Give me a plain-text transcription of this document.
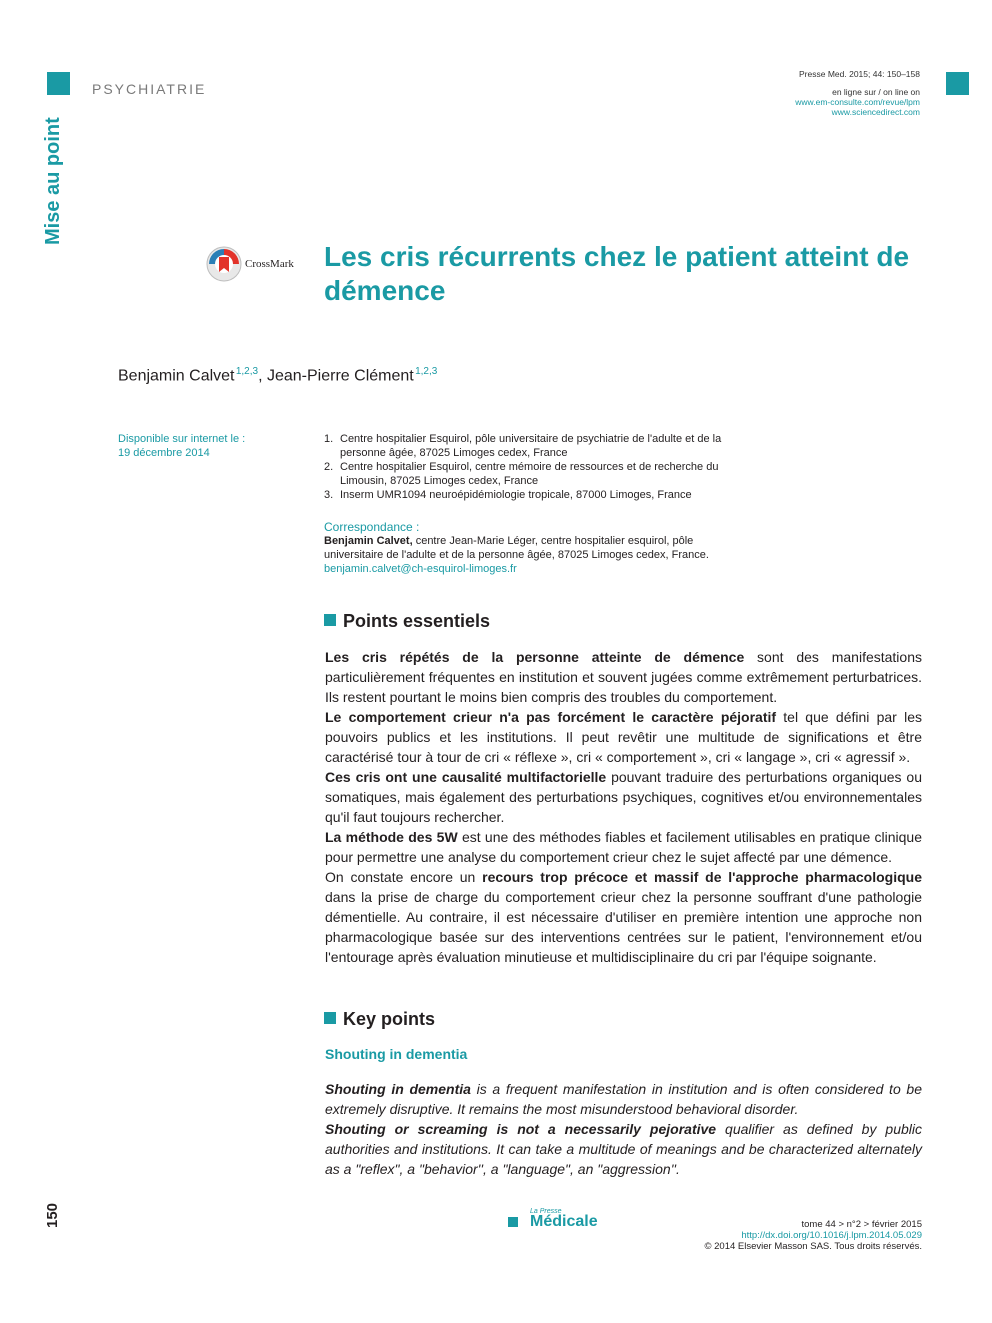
PSYCHIATRIE
Mise au point
150
Presse Med. 2015; 44: 150–158
en ligne sur / on line on
www.em-consulte.com/revue/lpm
www.sciencedirect.com
CrossMark Les cris récurrents chez le patient atteint de démence
Benjamin Calvet $^{1,2,3}$, Jean-Pierre Clément $^{1,2,3}$
Disponible sur internet le :
19 décembre 2014
1. Centre hospitalier Esquirol, pôle universitaire de psychiatrie de l'adulte et de la personne âgée, 87025 Limoges cedex, France
2. Centre hospitalier Esquirol, centre mémoire de ressources et de recherche du Limousin, 87025 Limoges cedex, France
3. Inserm UMR1094 neuroépidémiologie tropicale, 87000 Limoges, France
Correspondance :
Benjamin Calvet, centre Jean-Marie Léger, centre hospitalier esquirol, pôle universitaire de l'adulte et de la personne âgée, 87025 Limoges cedex, France.
benjamin.calvet@ch-esquirol-limoges.fr
Points essentiels

Les cris répétés de la personne atteinte de démence sont des manifestations particulièrement fréquentes en institution et souvent jugées comme extrêmement perturbatrices. Ils restent pourtant le moins bien compris des troubles du comportement.

Le comportement crieur n'a pas forcément le caractère péjoratif tel que défini par les pouvoirs publics et les institutions. Il peut revêtir une multitude de significations et être caractérisé tour à tour de cri « réflexe », cri « comportement », cri « langage », cri « agressif ».

Ces cris ont une causalité multifactorielle pouvant traduire des perturbations organiques ou somatiques, mais également des perturbations psychiques, cognitives et/ou environnementales qu'il faut toujours rechercher.

La méthode des 5W est une des méthodes fiables et facilement utilisables en pratique clinique pour permettre une analyse du comportement crieur chez le sujet affecté par une démence.

On constate encore un recours trop précoce et massif de l'approche pharmacologique dans la prise de charge du comportement crieur chez la personne souffrant d'une pathologie démentielle. Au contraire, il est nécessaire d'utiliser en première intention une approche non pharmacologique basée sur des interventions centrées sur le patient, l'environnement et/ou l'entourage après évaluation minutieuse et multidisciplinaire du cri par l'équipe soignante.

Key points
Shouting in dementia

Shouting in dementia is a frequent manifestation in institution and is often considered to be extremely disruptive. It remains the most misunderstood behavioral disorder.

Shouting or screaming is not a necessarily pejorative qualifier as defined by public authorities and institutions. It can take a multitude of meanings and be characterized alternately as a "reflex", a "behavior'', a "language", an "aggression''.

La Presse
Médicale	tome 44 > n°2 > février 2015
http://dx.doi.org/10.1016/j.lpm.2014.05.029
© 2014 Elsevier Masson SAS. Tous droits réservés.
